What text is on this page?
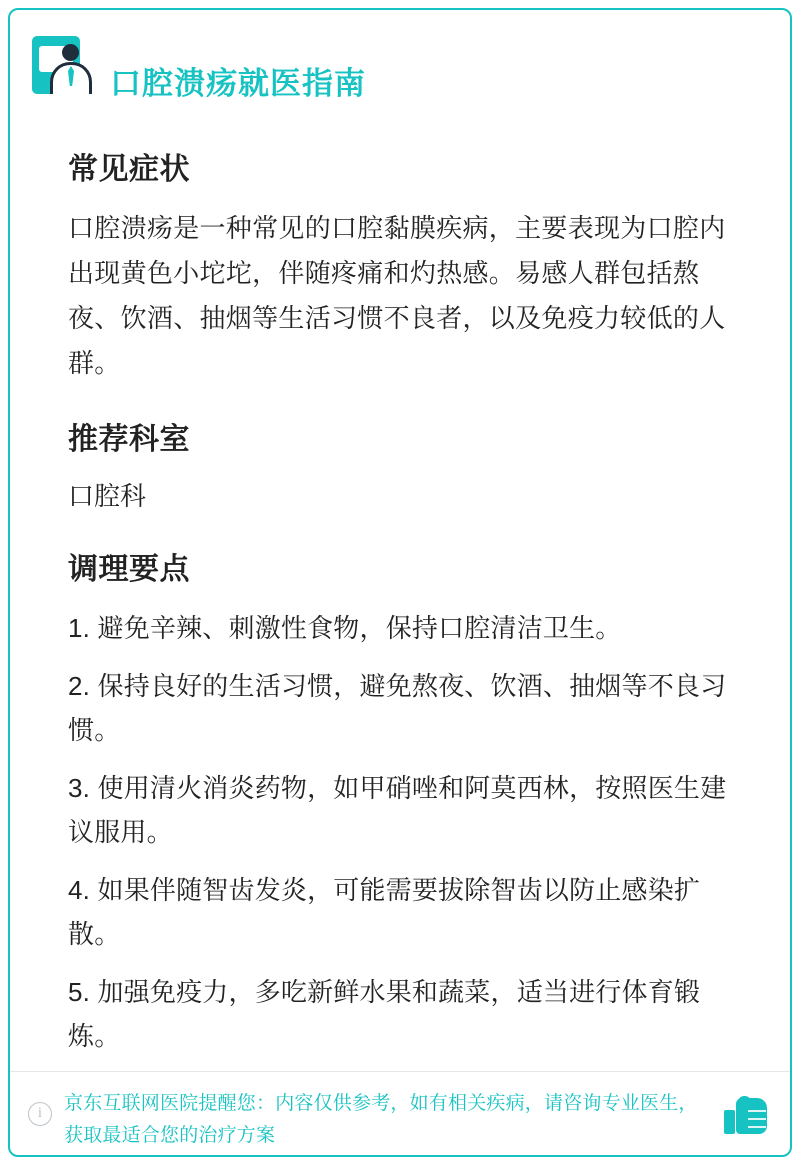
口腔溃疡就医指南
常见症状

口腔溃疡是一种常见的口腔黏膜疾病，主要表现为口腔内出现黄色小坨坨，伴随疼痛和灼热感。易感人群包括熬夜、饮酒、抽烟等生活习惯不良者，以及免疫力较低的人群。

推荐科室

口腔科

调理要点
1. 避免辛辣、刺激性食物，保持口腔清洁卫生。
2. 保持良好的生活习惯，避免熬夜、饮酒、抽烟等不良习惯。
3. 使用清火消炎药物，如甲硝唑和阿莫西林，按照医生建议服用。
4. 如果伴随智齿发炎，可能需要拔除智齿以防止感染扩散。
5. 加强免疫力，多吃新鲜水果和蔬菜，适当进行体育锻炼。
i	京东互联网医院提醒您：内容仅供参考，如有相关疾病，请咨询专业医生，获取最适合您的治疗方案
